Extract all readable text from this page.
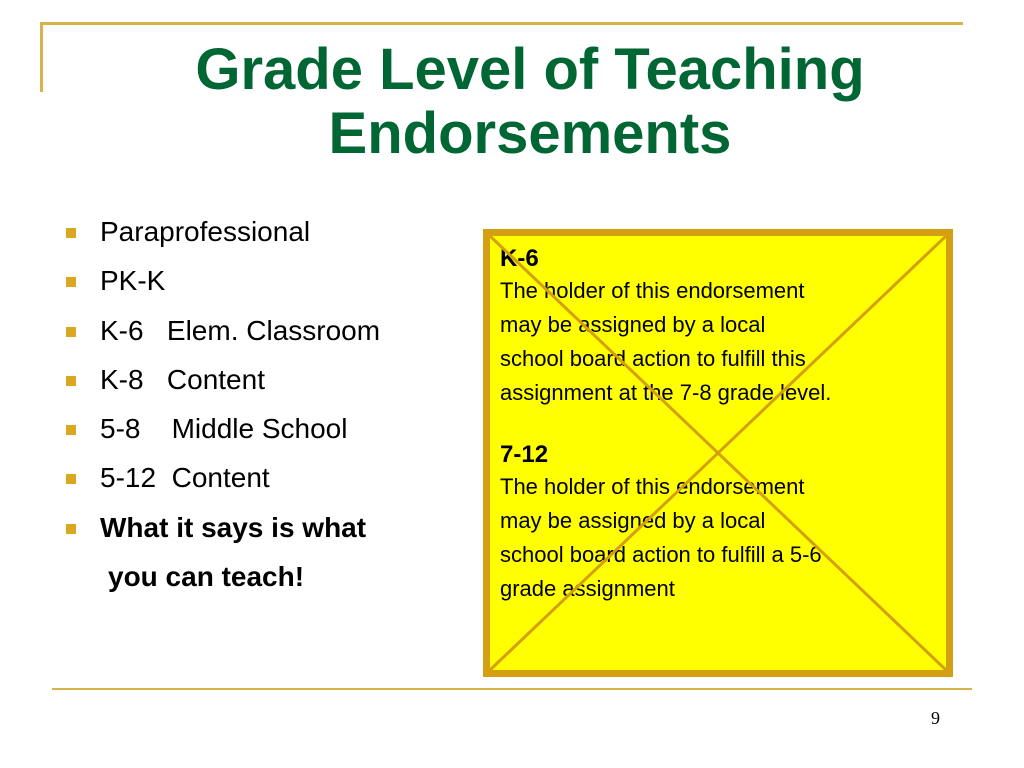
Grade Level of Teaching
Endorsements
Paraprofessional
PK-K
K-6   Elem. Classroom
K-8   Content
5-8    Middle School
5-12  Content
What it says is what
you can teach!
K-6
The holder of this endorsement
may be assigned by a local
school board action to fulfill this
assignment at the 7-8 grade level.
7-12
The holder of this endorsement
may be assigned by a local
school board action to fulfill a 5-6
grade assignment
9
